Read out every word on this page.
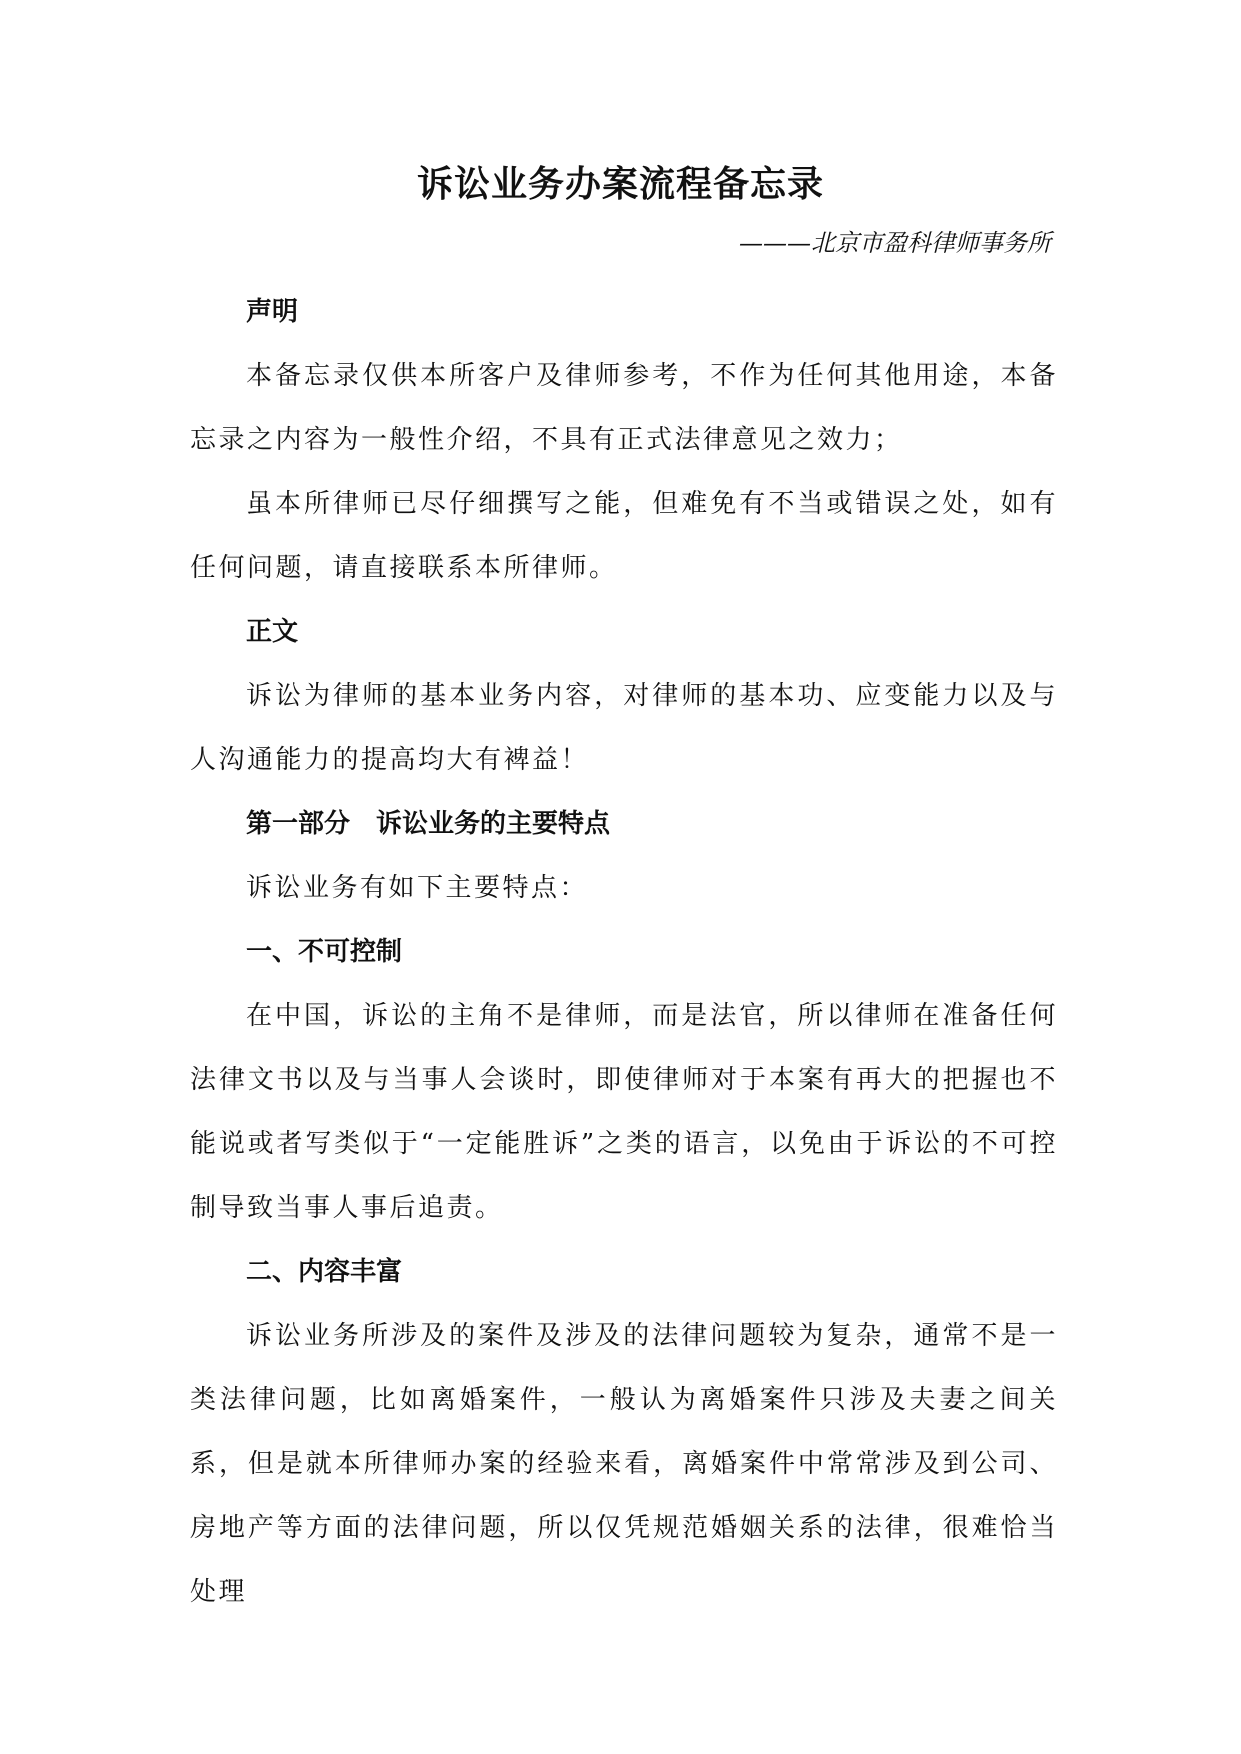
诉讼业务办案流程备忘录
———北京市盈科律师事务所
声明

本备忘录仅供本所客户及律师参考，不作为任何其他用途，本备忘录之内容为一般性介绍，不具有正式法律意见之效力；

虽本所律师已尽仔细撰写之能，但难免有不当或错误之处，如有任何问题，请直接联系本所律师。

正文

诉讼为律师的基本业务内容，对律师的基本功、应变能力以及与人沟通能力的提高均大有裨益！

第一部分　诉讼业务的主要特点

诉讼业务有如下主要特点：

一、不可控制

在中国，诉讼的主角不是律师，而是法官，所以律师在准备任何法律文书以及与当事人会谈时，即使律师对于本案有再大的把握也不能说或者写类似于“一定能胜诉”之类的语言，以免由于诉讼的不可控制导致当事人事后追责。

二、内容丰富

诉讼业务所涉及的案件及涉及的法律问题较为复杂，通常不是一类法律问题，比如离婚案件，一般认为离婚案件只涉及夫妻之间关系，但是就本所律师办案的经验来看，离婚案件中常常涉及到公司、房地产等方面的法律问题，所以仅凭规范婚姻关系的法律，很难恰当处理
